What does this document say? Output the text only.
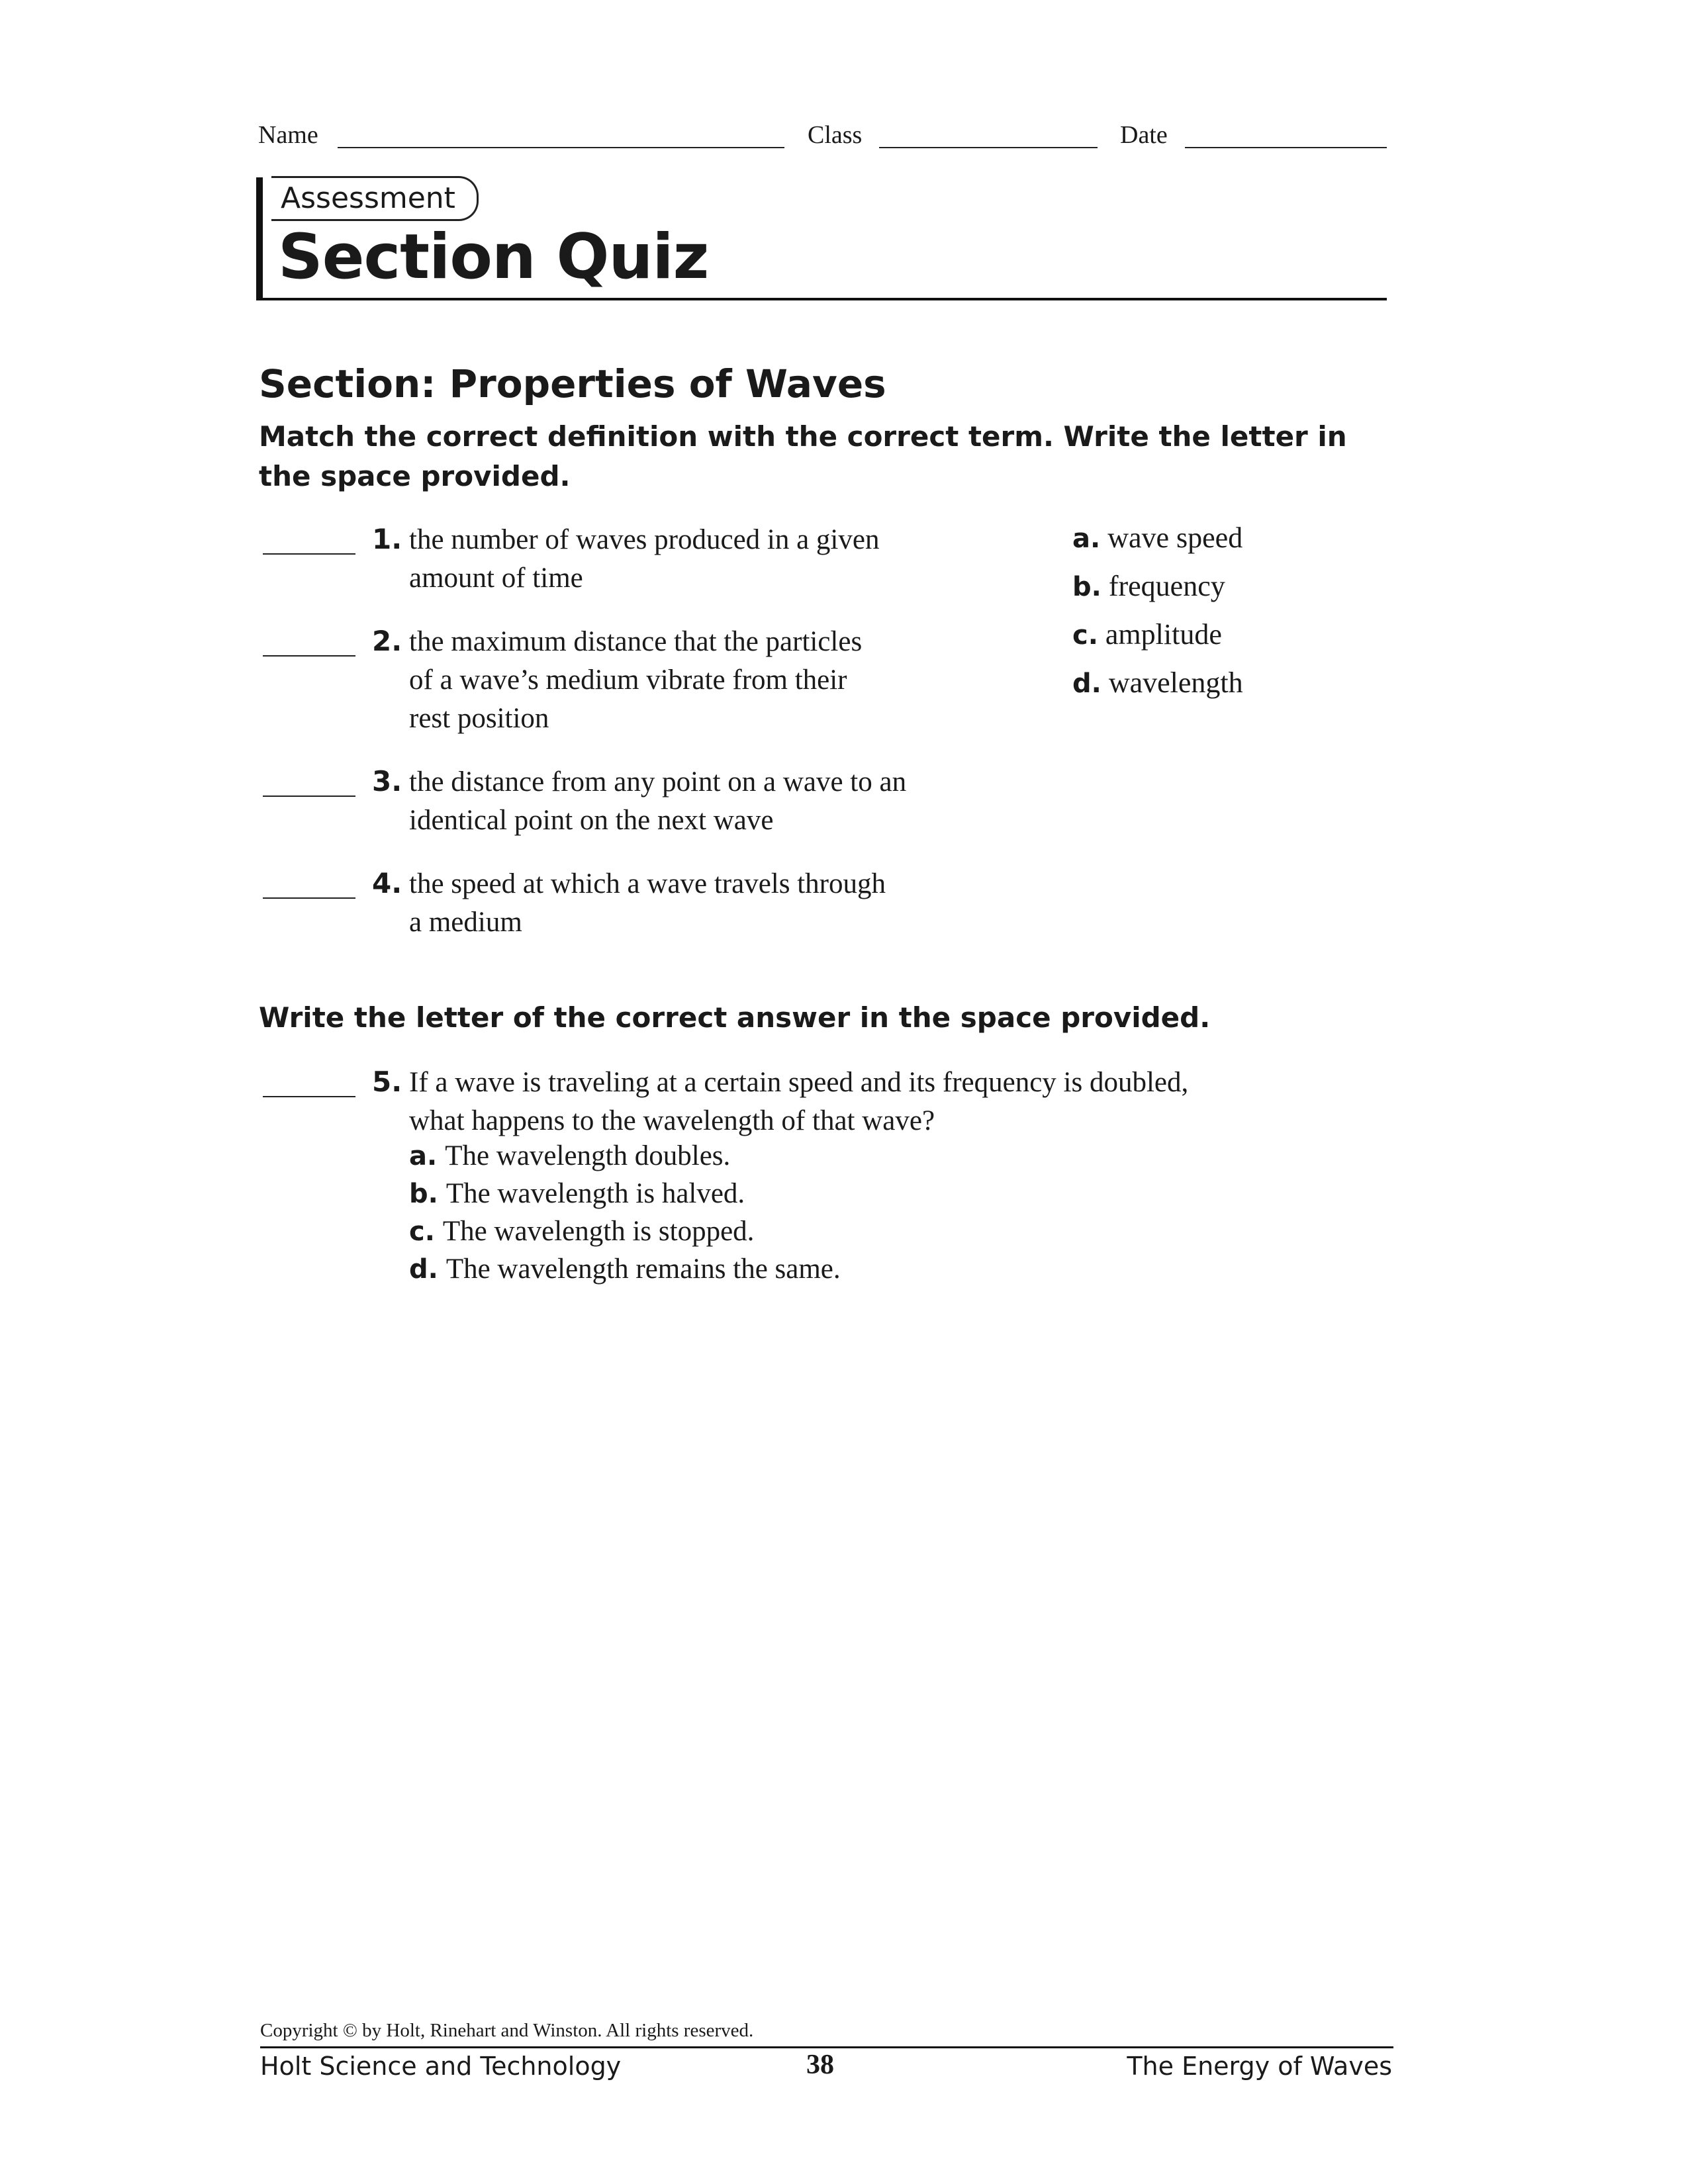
Name	Class	Date
Assessment
Section Quiz
Section: Properties of Waves
Match the correct definition with the correct term. Write the letter in the space provided.
1. the number of waves produced in a given
amount of time
2. the maximum distance that the particles
of a wave’s medium vibrate from their
rest position
3. the distance from any point on a wave to an
identical point on the next wave
4. the speed at which a wave travels through
a medium
a. wave speed
b. frequency
c. amplitude
d. wavelength
Write the letter of the correct answer in the space provided.
5. If a wave is traveling at a certain speed and its frequency is doubled,
what happens to the wavelength of that wave?
a. The wavelength doubles.
b. The wavelength is halved.
c. The wavelength is stopped.
d. The wavelength remains the same.
Copyright © by Holt, Rinehart and Winston. All rights reserved.
Holt Science and Technology	38	The Energy of Waves
